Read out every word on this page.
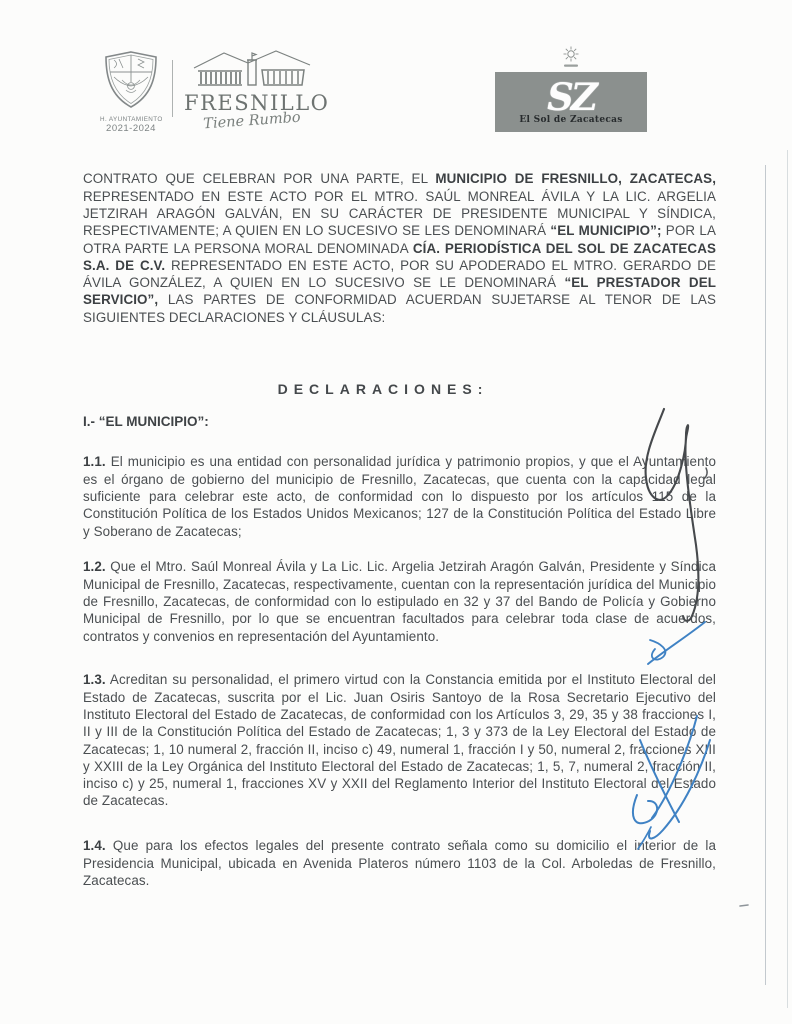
H. AYUNTAMIENTO
2021-2024
FRESNILLO
Tiene Rumbo
SZ
El Sol de Zacatecas

CONTRATO QUE CELEBRAN POR UNA PARTE, EL MUNICIPIO DE FRESNILLO, ZACATECAS, REPRESENTADO EN ESTE ACTO POR EL MTRO. SAÚL MONREAL ÁVILA Y LA LIC. ARGELIA JETZIRAH ARAGÓN GALVÁN, EN SU CARÁCTER DE PRESIDENTE MUNICIPAL Y SÍNDICA, RESPECTIVAMENTE; A QUIEN EN LO SUCESIVO SE LES DENOMINARÁ “EL MUNICIPIO”; POR LA OTRA PARTE LA PERSONA MORAL DENOMINADA CÍA. PERIODÍSTICA DEL SOL DE ZACATECAS S.A. DE C.V. REPRESENTADO EN ESTE ACTO, POR SU APODERADO EL MTRO. GERARDO DE ÁVILA GONZÁLEZ, A QUIEN EN LO SUCESIVO SE LE DENOMINARÁ “EL PRESTADOR DEL SERVICIO”, LAS PARTES DE CONFORMIDAD ACUERDAN SUJETARSE AL TENOR DE LAS SIGUIENTES DECLARACIONES Y CLÁUSULAS:

DECLARACIONES:
I.- “EL MUNICIPIO”:

1.1. El municipio es una entidad con personalidad jurídica y patrimonio propios, y que el Ayuntamiento es el órgano de gobierno del municipio de Fresnillo, Zacatecas, que cuenta con la capacidad legal suficiente para celebrar este acto, de conformidad con lo dispuesto por los artículos 115 de la Constitución Política de los Estados Unidos Mexicanos; 127 de la Constitución Política del Estado Libre y Soberano de Zacatecas;

1.2. Que el Mtro. Saúl Monreal Ávila y La Lic. Lic. Argelia Jetzirah Aragón Galván, Presidente y Síndica Municipal de Fresnillo, Zacatecas, respectivamente, cuentan con la representación jurídica del Municipio de Fresnillo, Zacatecas, de conformidad con lo estipulado en 32 y 37 del Bando de Policía y Gobierno Municipal de Fresnillo, por lo que se encuentran facultados para celebrar toda clase de acuerdos, contratos y convenios en representación del Ayuntamiento.

1.3. Acreditan su personalidad, el primero virtud con la Constancia emitida por el Instituto Electoral del Estado de Zacatecas, suscrita por el Lic. Juan Osiris Santoyo de la Rosa Secretario Ejecutivo del Instituto Electoral del Estado de Zacatecas, de conformidad con los Artículos 3, 29, 35 y 38 fracciones I, II y III de la Constitución Política del Estado de Zacatecas; 1, 3 y 373 de la Ley Electoral del Estado de Zacatecas; 1, 10 numeral 2, fracción II, inciso c) 49, numeral 1, fracción I y 50, numeral 2, fracciones XIII y XXIII de la Ley Orgánica del Instituto Electoral del Estado de Zacatecas; 1, 5, 7, numeral 2, fracción II, inciso c) y 25, numeral 1, fracciones XV y XXII del Reglamento Interior del Instituto Electoral del Estado de Zacatecas.

1.4. Que para los efectos legales del presente contrato señala como su domicilio el interior de la Presidencia Municipal, ubicada en Avenida Plateros número 1103 de la Col. Arboledas de Fresnillo, Zacatecas.
